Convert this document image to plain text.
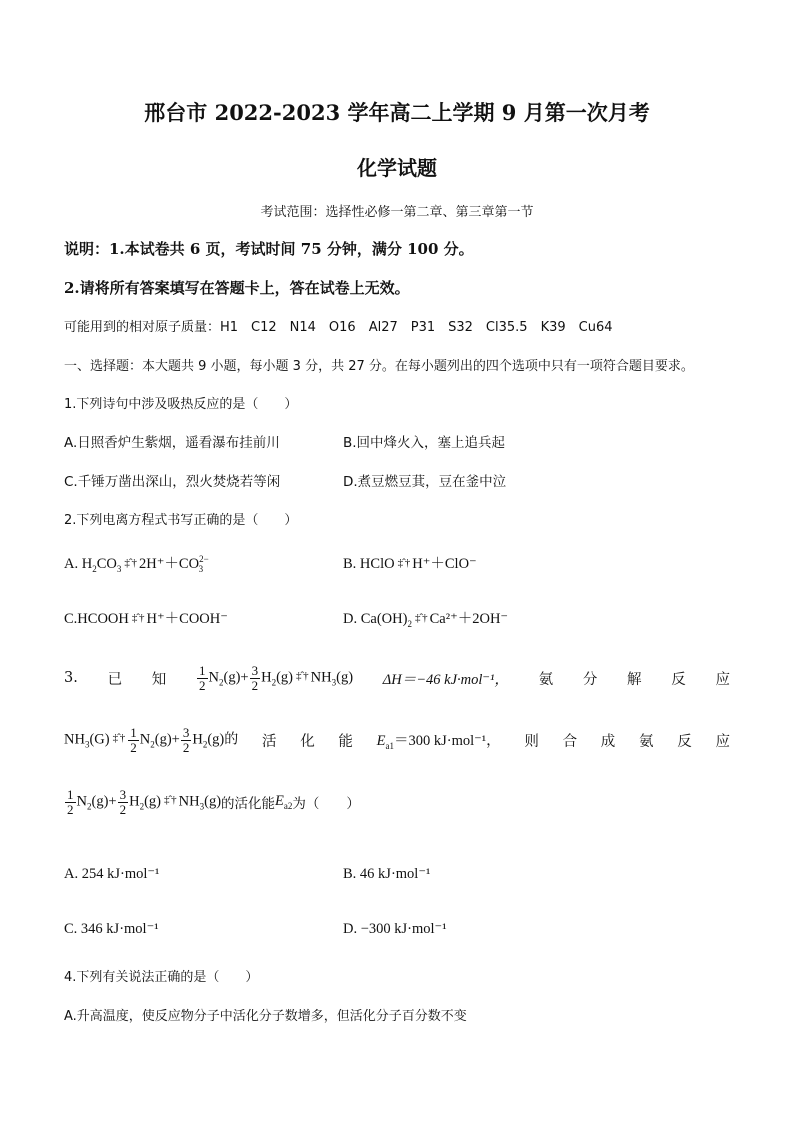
邢台市 2022-2023 学年高二上学期 9 月第一次月考
化学试题
考试范围：选择性必修一第二章、第三章第一节
说明：1.本试卷共 6 页，考试时间 75 分钟，满分 100 分。
2.请将所有答案填写在答题卡上，答在试卷上无效。
可能用到的相对原子质量：H1　C12　N14　O16　Al27　P31　S32　Cl35.5　K39　Cu64
一、选择题：本大题共 9 小题，每小题 3 分，共 27 分。在每小题列出的四个选项中只有一项符合题目要求。
1.下列诗句中涉及吸热反应的是（　　）
A.日照香炉生紫烟，遥看瀑布挂前川	B.回中烽火入，塞上追兵起
C.千锤万凿出深山，烈火焚烧若等闲	D.煮豆燃豆萁，豆在釜中泣
2.下列电离方程式书写正确的是（　　）
A. $H_2CO_3$ ‡ˆ† $2H^++CO^{2-}_3$	B. HClO ‡ˆ† H⁺＋ClO⁻
C.HCOOH ‡ˆ† H⁺＋COOH⁻	D. $Ca(OH)_2$ ‡ˆ† Ca²⁺＋2OH⁻
3. 已 知 $\frac{1}{2} N_2(g)+ \frac{3}{2} H_2(g)$ ‡ˆ† $NH_3(g)$ ΔH＝−46 kJ·mol⁻¹， 氨 分 解 反 应
$NH_3(G)$ ‡ˆ† $\frac{1}{2} N_2(g)+ \frac{3}{2} H_2(g)$的 活 化 能 $E_{a1}=300$ kJ·mol⁻¹， 则 合 成 氨 反 应
$\frac{1}{2} N_2(g)+ \frac{3}{2} H_2(g)$ ‡ˆ† $NH_3(g)$ 的活化能 $E_{a2}$ 为（　　）
A. 254 kJ·mol⁻¹	B. 46 kJ·mol⁻¹
C. 346 kJ·mol⁻¹	D. −300 kJ·mol⁻¹
4.下列有关说法正确的是（　　）
A.升高温度，使反应物分子中活化分子数增多，但活化分子百分数不变
